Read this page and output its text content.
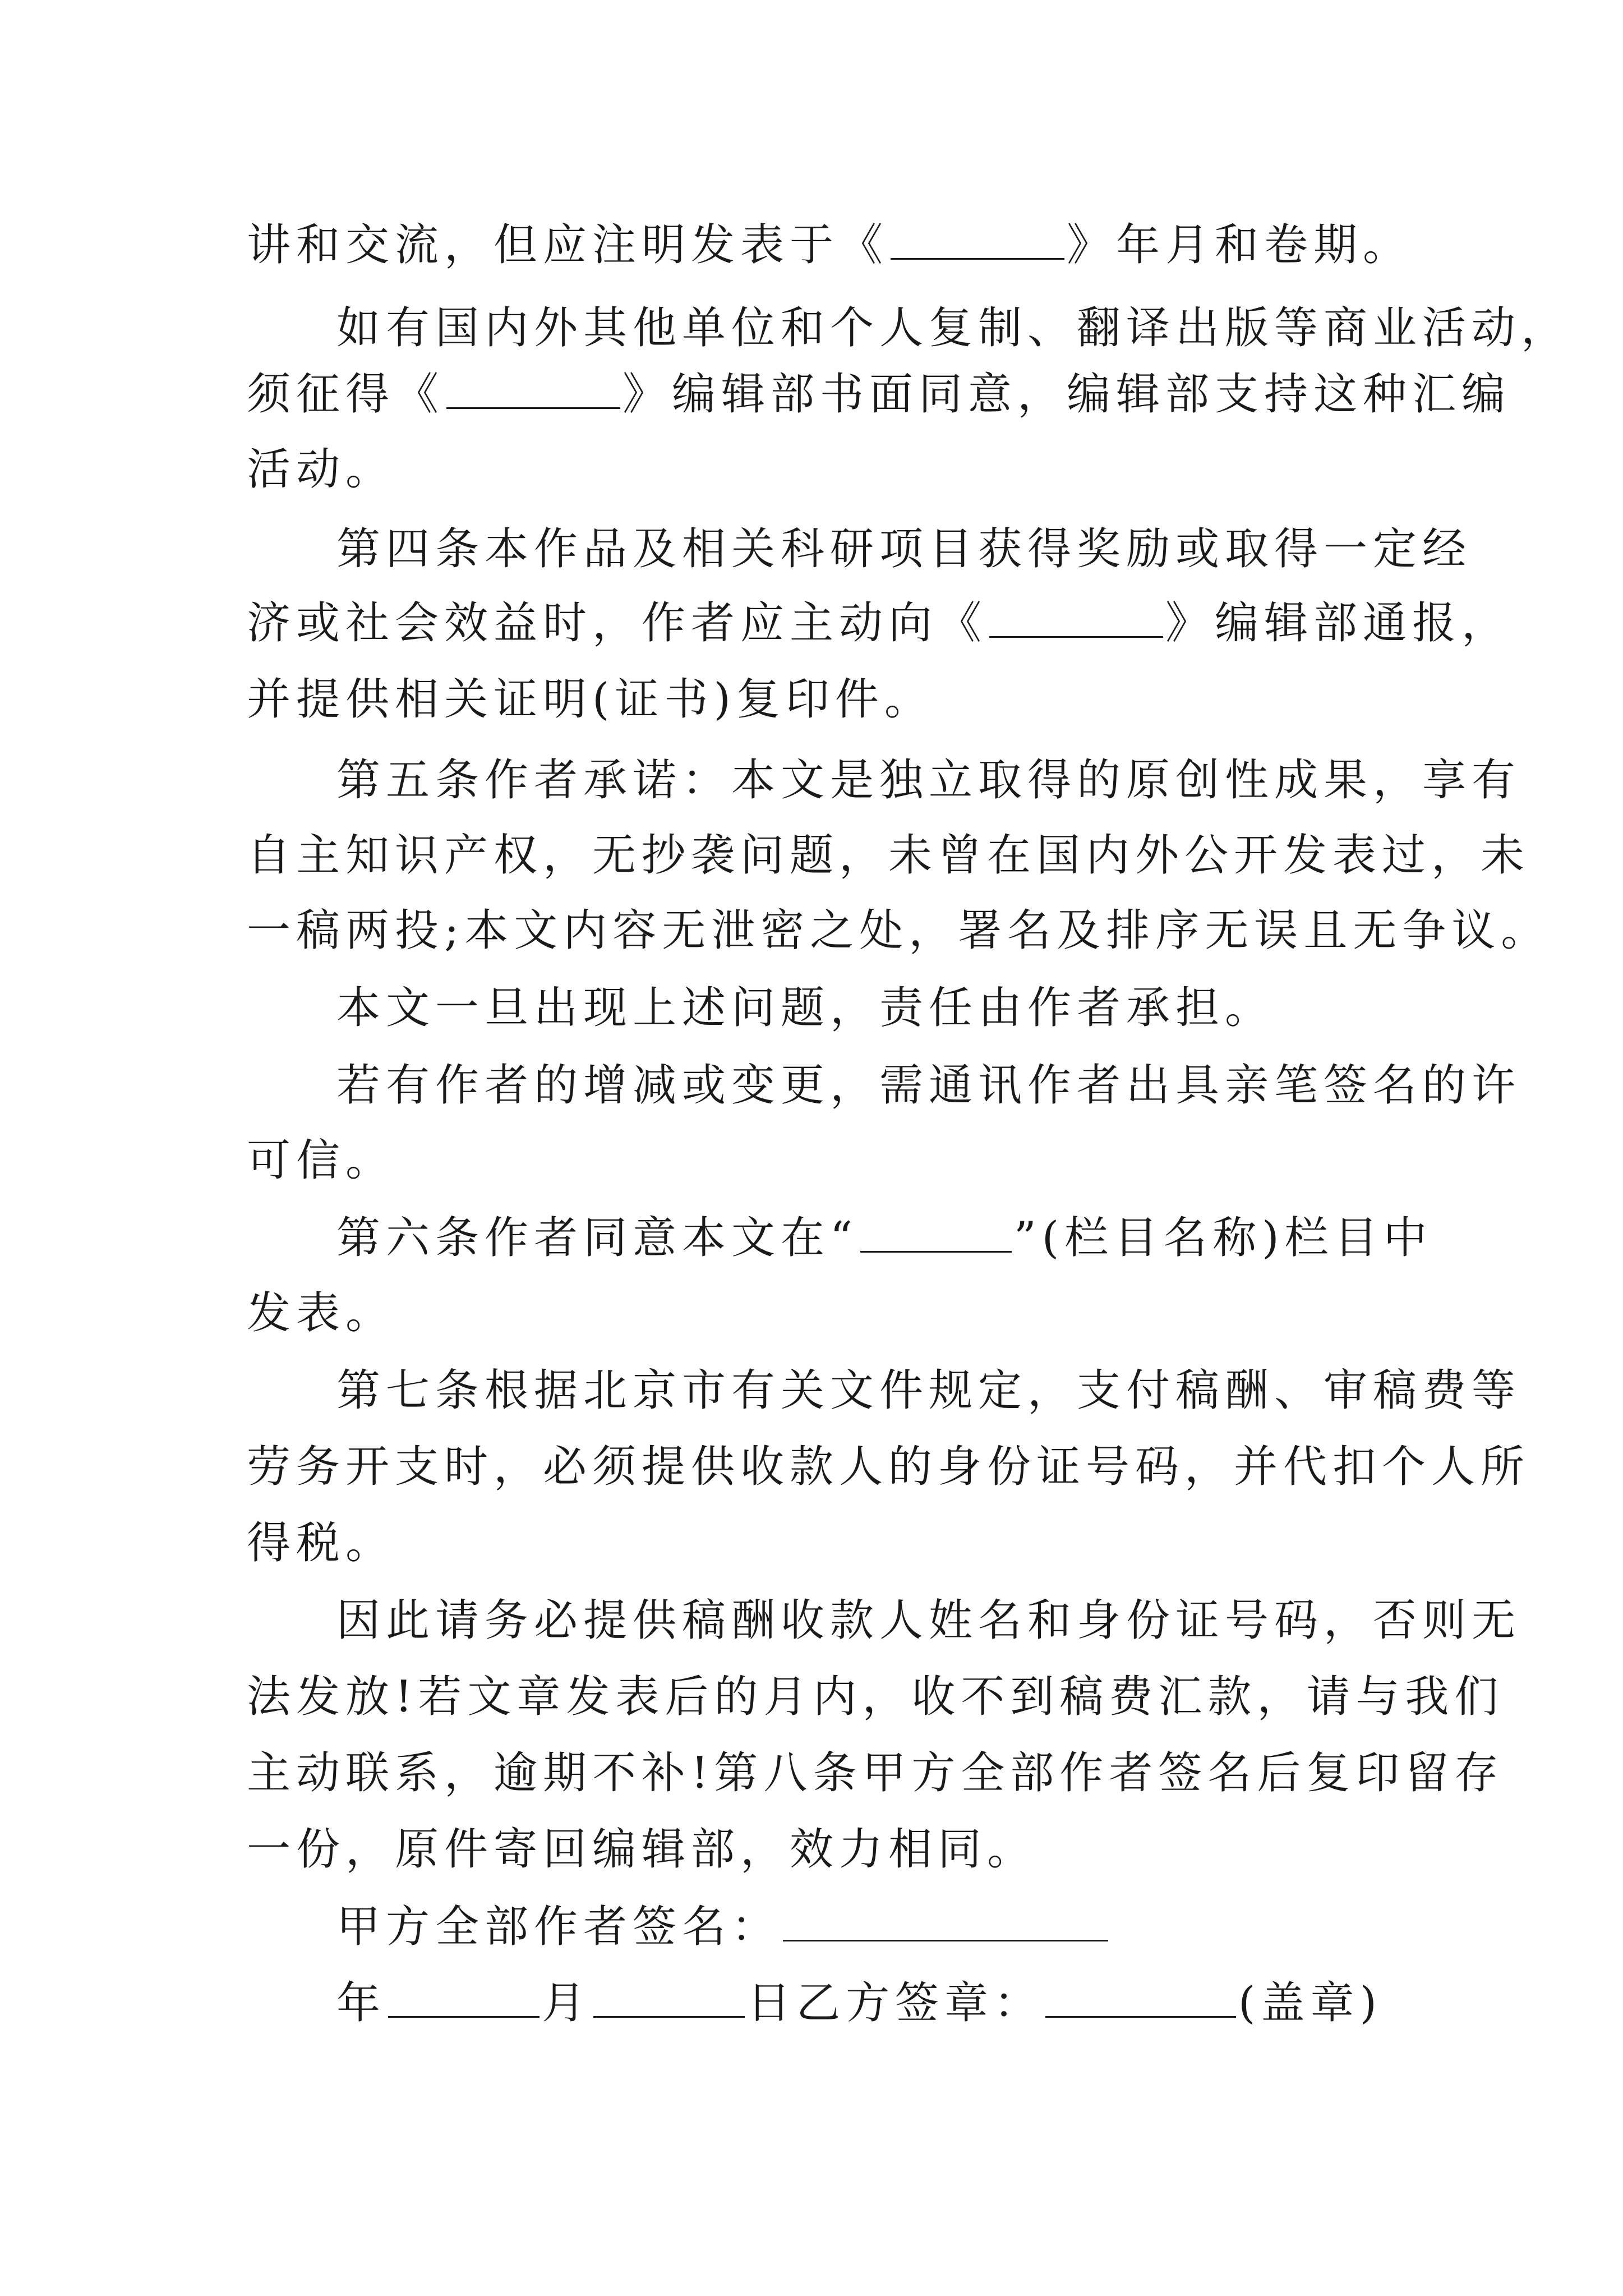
讲和交流，但应注明发表于《	》年月和卷期。
如有国内外其他单位和个人复制、翻译出版等商业活动，
须征得《	》编辑部书面同意，编辑部支持这种汇编
活动。
第四条本作品及相关科研项目获得奖励或取得一定经
济或社会效益时，作者应主动向《	》编辑部通报，
并提供相关证明(证书)复印件。
第五条作者承诺：本文是独立取得的原创性成果，享有
自主知识产权，无抄袭问题，未曾在国内外公开发表过，未
一稿两投;本文内容无泄密之处，署名及排序无误且无争议。
本文一旦出现上述问题，责任由作者承担。
若有作者的增减或变更，需通讯作者出具亲笔签名的许
可信。
第六条作者同意本文在“	”(栏目名称)栏目中
发表。
第七条根据北京市有关文件规定，支付稿酬、审稿费等
劳务开支时，必须提供收款人的身份证号码，并代扣个人所
得税。
因此请务必提供稿酬收款人姓名和身份证号码，否则无
法发放!若文章发表后的月内，收不到稿费汇款，请与我们
主动联系，逾期不补!第八条甲方全部作者签名后复印留存
一份，原件寄回编辑部，效力相同。
甲方全部作者签名：
年	月	日乙方签章：	(盖章)
